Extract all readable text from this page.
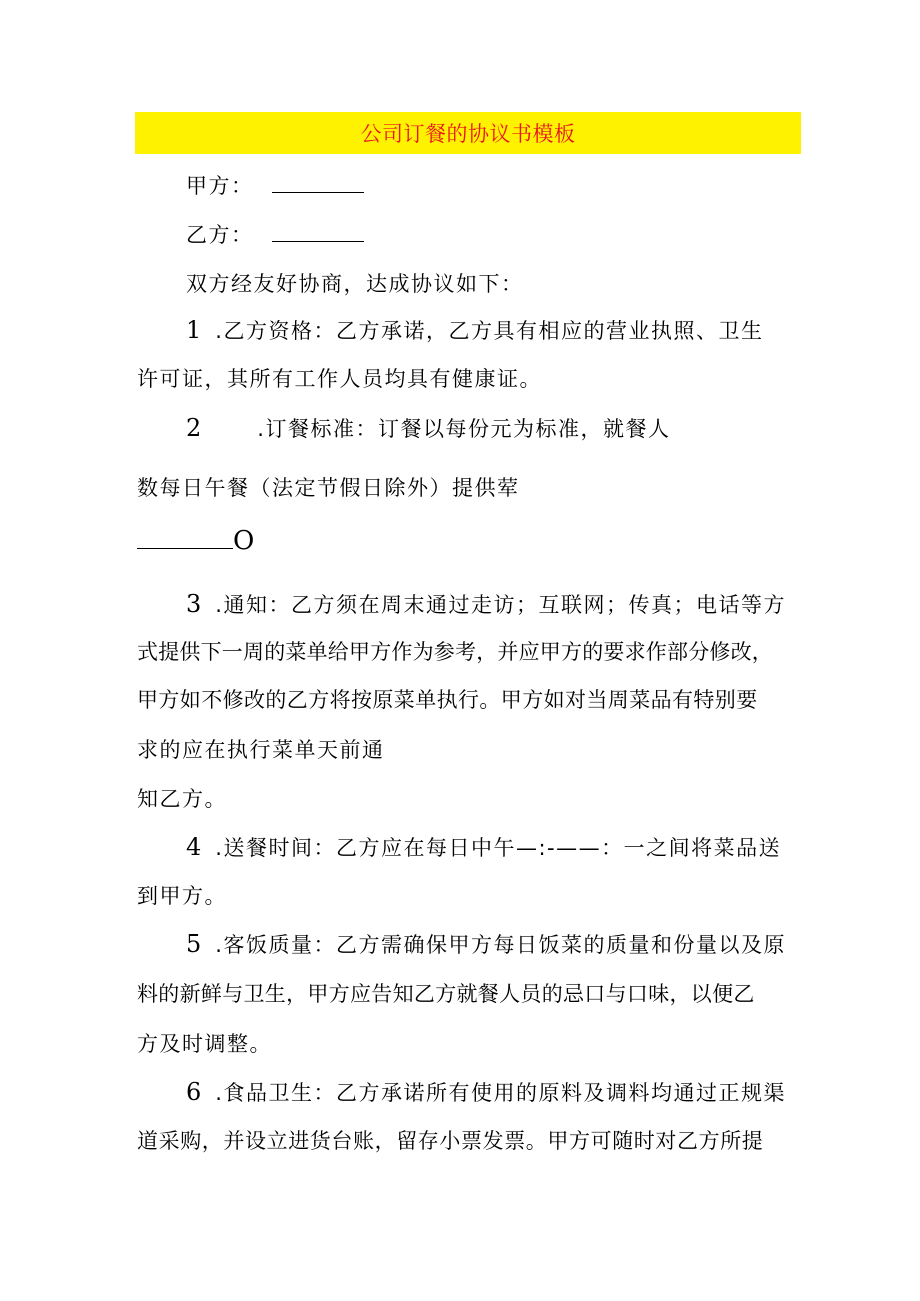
公司订餐的协议书模板
甲方：
乙方：
双方经友好协商，达成协议如下：
1 .乙方资格：乙方承诺，乙方具有相应的营业执照、卫生
许可证，其所有工作人员均具有健康证。
2	.订餐标准：订餐以每份元为标准，就餐人
数每日午餐（法定节假日除外）提供荤
O
3 .通知：乙方须在周末通过走访；互联网；传真；电话等方
式提供下一周的菜单给甲方作为参考，并应甲方的要求作部分修改，
甲方如不修改的乙方将按原菜单执行。甲方如对当周菜品有特别要
求的应在执行菜单天前通
知乙方。
4 .送餐时间：乙方应在每日中午—:-——：一之间将菜品送
到甲方。
5 .客饭质量：乙方需确保甲方每日饭菜的质量和份量以及原
料的新鲜与卫生，甲方应告知乙方就餐人员的忌口与口味，以便乙
方及时调整。
6 .食品卫生：乙方承诺所有使用的原料及调料均通过正规渠
道采购，并设立进货台账，留存小票发票。甲方可随时对乙方所提
